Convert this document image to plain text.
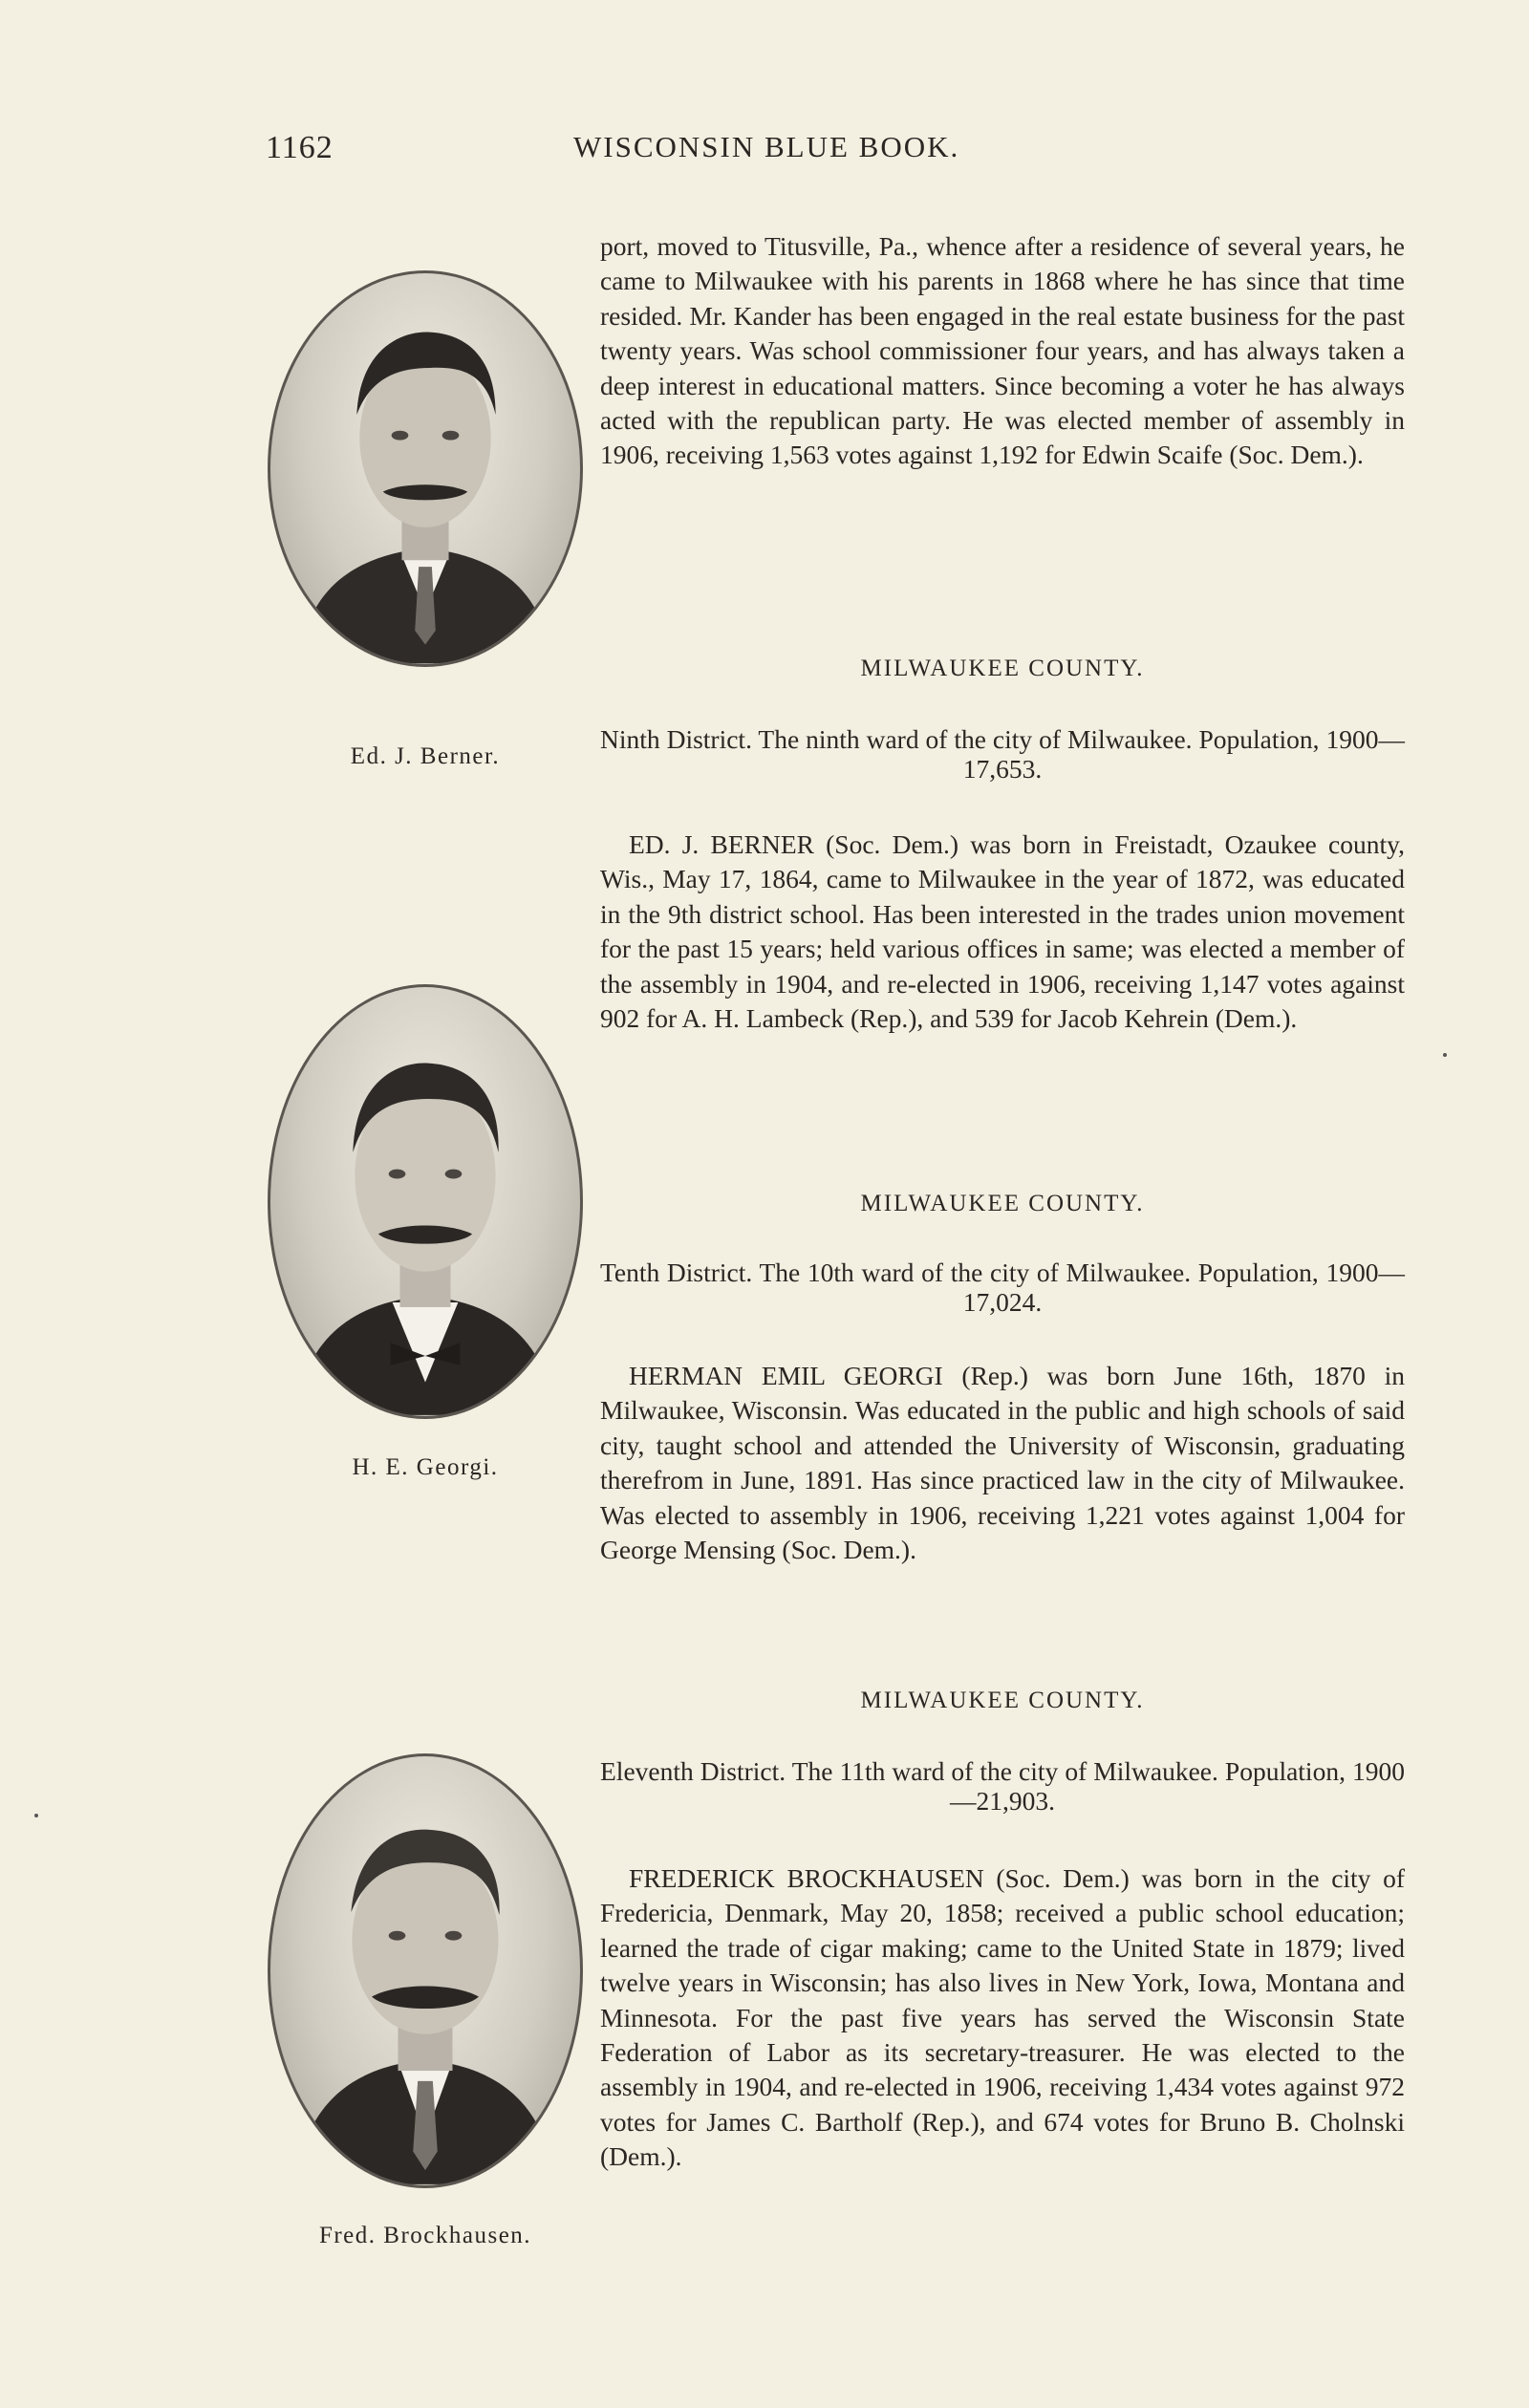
1162	WISCONSIN BLUE BOOK.

port, moved to Titusville, Pa., whence after a residence of several years, he came to Milwaukee with his parents in 1868 where he has since that time resided. Mr. Kander has been engaged in the real estate business for the past twenty years. Was school commissioner four years, and has always taken a deep interest in educational matters. Since becoming a voter he has always acted with the republican party. He was elected member of assembly in 1906, receiving 1,563 votes against 1,192 for Edwin Scaife (Soc. Dem.).

Ed. J. Berner.
MILWAUKEE COUNTY.
Ninth District. The ninth ward of the city of Milwaukee. Population, 1900—17,653.

ED. J. BERNER (Soc. Dem.) was born in Freistadt, Ozaukee county, Wis., May 17, 1864, came to Milwaukee in the year of 1872, was educated in the 9th district school. Has been interested in the trades union movement for the past 15 years; held various offices in same; was elected a member of the assembly in 1904, and re-elected in 1906, receiving 1,147 votes against 902 for A. H. Lambeck (Rep.), and 539 for Jacob Kehrein (Dem.).

H. E. Georgi.
MILWAUKEE COUNTY.
Tenth District. The 10th ward of the city of Milwaukee. Population, 1900—17,024.

HERMAN EMIL GEORGI (Rep.) was born June 16th, 1870 in Milwaukee, Wisconsin. Was educated in the public and high schools of said city, taught school and attended the University of Wisconsin, graduating therefrom in June, 1891. Has since practiced law in the city of Milwaukee. Was elected to assembly in 1906, receiving 1,221 votes against 1,004 for George Mensing (Soc. Dem.).

Fred. Brockhausen.
MILWAUKEE COUNTY.
Eleventh District. The 11th ward of the city of Milwaukee. Population, 1900—21,903.

FREDERICK BROCKHAUSEN (Soc. Dem.) was born in the city of Fredericia, Denmark, May 20, 1858; received a public school education; learned the trade of cigar making; came to the United State in 1879; lived twelve years in Wisconsin; has also lives in New York, Iowa, Montana and Minnesota. For the past five years has served the Wisconsin State Federation of Labor as its secretary-treasurer. He was elected to the assembly in 1904, and re-elected in 1906, receiving 1,434 votes against 972 votes for James C. Bartholf (Rep.), and 674 votes for Bruno B. Cholnski (Dem.).
